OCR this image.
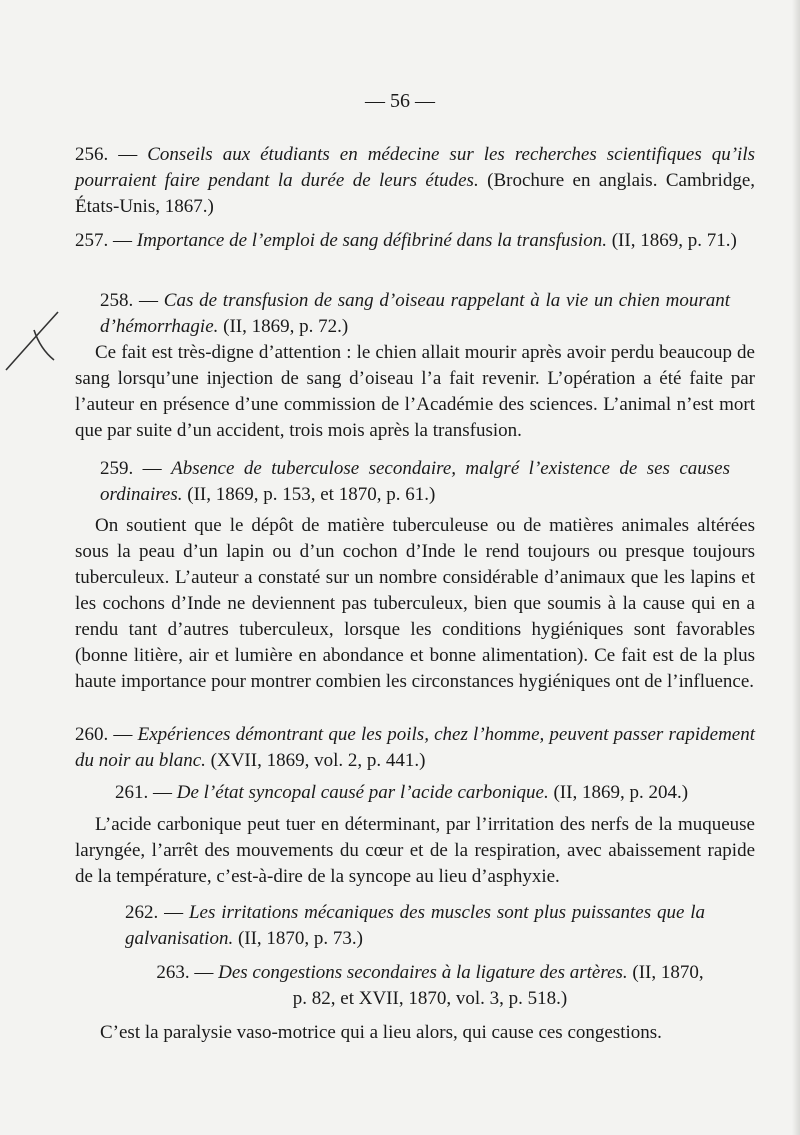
— 56 —
256. — Conseils aux étudiants en médecine sur les recherches scientifiques qu’ils pourraient faire pendant la durée de leurs études. (Brochure en anglais. Cambridge, États-Unis, 1867.)
257. — Importance de l’emploi de sang défibriné dans la transfusion. (II, 1869, p. 71.)
258. — Cas de transfusion de sang d’oiseau rappelant à la vie un chien mourant d’hémorrhagie. (II, 1869, p. 72.)
Ce fait est très-digne d’attention : le chien allait mourir après avoir perdu beaucoup de sang lorsqu’une injection de sang d’oiseau l’a fait revenir. L’opération a été faite par l’auteur en présence d’une commission de l’Académie des sciences. L’animal n’est mort que par suite d’un accident, trois mois après la transfusion.
259. — Absence de tuberculose secondaire, malgré l’existence de ses causes ordinaires. (II, 1869, p. 153, et 1870, p. 61.)
On soutient que le dépôt de matière tuberculeuse ou de matières animales altérées sous la peau d’un lapin ou d’un cochon d’Inde le rend toujours ou presque toujours tuberculeux. L’auteur a constaté sur un nombre considérable d’animaux que les lapins et les cochons d’Inde ne deviennent pas tuberculeux, bien que soumis à la cause qui en a rendu tant d’autres tuberculeux, lorsque les conditions hygiéniques sont favorables (bonne litière, air et lumière en abondance et bonne alimentation). Ce fait est de la plus haute importance pour montrer combien les circonstances hygiéniques ont de l’influence.
260. — Expériences démontrant que les poils, chez l’homme, peuvent passer rapidement du noir au blanc. (XVII, 1869, vol. 2, p. 441.)
261. — De l’état syncopal causé par l’acide carbonique. (II, 1869, p. 204.)
L’acide carbonique peut tuer en déterminant, par l’irritation des nerfs de la muqueuse laryngée, l’arrêt des mouvements du cœur et de la respiration, avec abaissement rapide de la température, c’est-à-dire de la syncope au lieu d’asphyxie.
262. — Les irritations mécaniques des muscles sont plus puissantes que la galvanisation. (II, 1870, p. 73.)
263. — Des congestions secondaires à la ligature des artères. (II, 1870, p. 82, et XVII, 1870, vol. 3, p. 518.)
C’est la paralysie vaso-motrice qui a lieu alors, qui cause ces congestions.
